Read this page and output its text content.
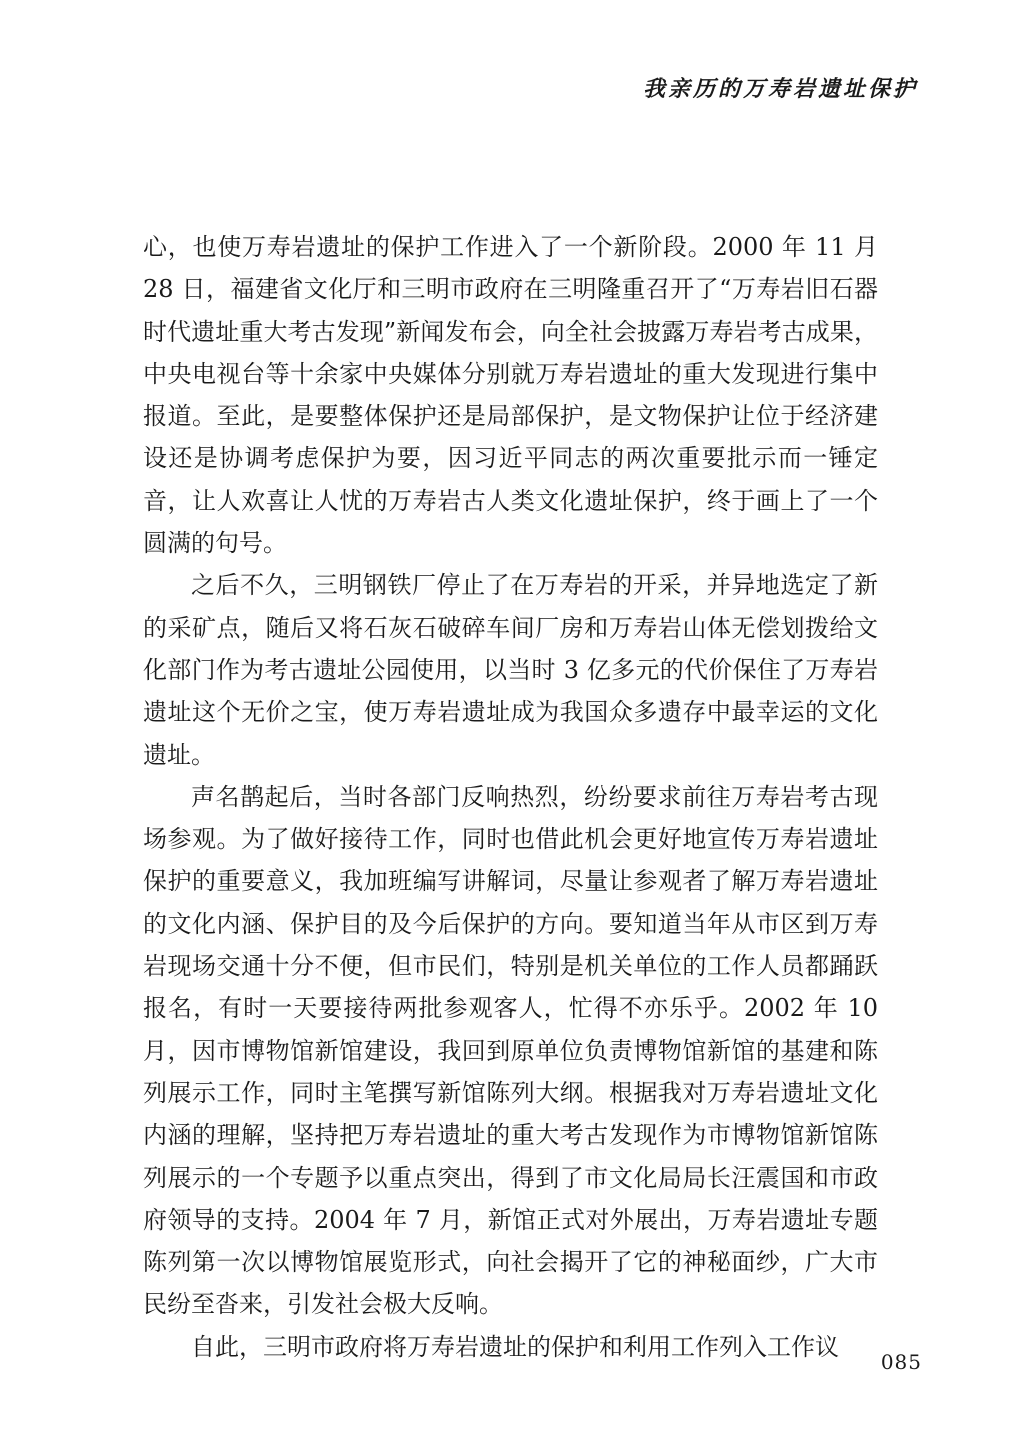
我亲历的万寿岩遗址保护

心，也使万寿岩遗址的保护工作进入了一个新阶段。2000 年 11 月 28 日，福建省文化厅和三明市政府在三明隆重召开了“万寿岩旧石器时代遗址重大考古发现”新闻发布会，向全社会披露万寿岩考古成果，中央电视台等十余家中央媒体分别就万寿岩遗址的重大发现进行集中报道。至此，是要整体保护还是局部保护，是文物保护让位于经济建设还是协调考虑保护为要，因习近平同志的两次重要批示而一锤定音，让人欢喜让人忧的万寿岩古人类文化遗址保护，终于画上了一个圆满的句号。

之后不久，三明钢铁厂停止了在万寿岩的开采，并异地选定了新的采矿点，随后又将石灰石破碎车间厂房和万寿岩山体无偿划拨给文化部门作为考古遗址公园使用，以当时 3 亿多元的代价保住了万寿岩遗址这个无价之宝，使万寿岩遗址成为我国众多遗存中最幸运的文化遗址。

声名鹊起后，当时各部门反响热烈，纷纷要求前往万寿岩考古现场参观。为了做好接待工作，同时也借此机会更好地宣传万寿岩遗址保护的重要意义，我加班编写讲解词，尽量让参观者了解万寿岩遗址的文化内涵、保护目的及今后保护的方向。要知道当年从市区到万寿岩现场交通十分不便，但市民们，特别是机关单位的工作人员都踊跃报名，有时一天要接待两批参观客人，忙得不亦乐乎。2002 年 10 月，因市博物馆新馆建设，我回到原单位负责博物馆新馆的基建和陈列展示工作，同时主笔撰写新馆陈列大纲。根据我对万寿岩遗址文化内涵的理解，坚持把万寿岩遗址的重大考古发现作为市博物馆新馆陈列展示的一个专题予以重点突出，得到了市文化局局长汪震国和市政府领导的支持。2004 年 7 月，新馆正式对外展出，万寿岩遗址专题陈列第一次以博物馆展览形式，向社会揭开了它的神秘面纱，广大市民纷至沓来，引发社会极大反响。

自此，三明市政府将万寿岩遗址的保护和利用工作列入工作议

085
